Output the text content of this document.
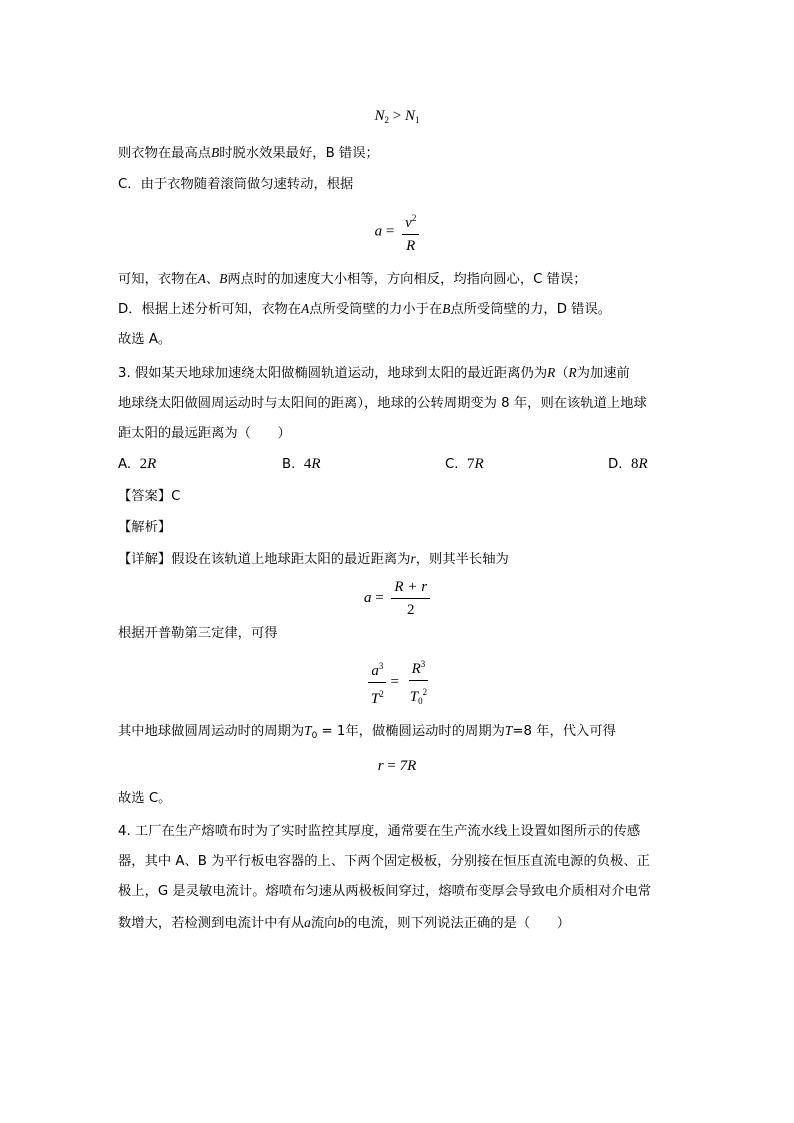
$N_2 > N_1$
则衣物在最高点B时脱水效果最好，B 错误；
C．由于衣物随着滚筒做匀速转动，根据
$a = \frac{v^2}{R}$
可知，衣物在A、B两点时的加速度大小相等，方向相反，均指向圆心，C 错误；
D．根据上述分析可知，衣物在A点所受筒壁的力小于在B点所受筒壁的力，D 错误。
故选 A。
3. 假如某天地球加速绕太阳做椭圆轨道运动，地球到太阳的最近距离仍为R（R为加速前
地球绕太阳做圆周运动时与太阳间的距离），地球的公转周期变为 8 年，则在该轨道上地球
距太阳的最远距离为（　　）
A. 2R	B. 4R	C. 7R	D. 8R
【答案】C
【解析】
【详解】假设在该轨道上地球距太阳的最近距离为r，则其半长轴为
$a = \frac{R + r}{2}$
根据开普勒第三定律，可得
$\frac{a^3}{T^2} = \frac{R^3}{T_0^2}$
其中地球做圆周运动时的周期为$T_0 = 1$年，做椭圆运动时的周期为T=8 年，代入可得
r = 7R
故选 C。
4. 工厂在生产熔喷布时为了实时监控其厚度，通常要在生产流水线上设置如图所示的传感
器，其中 A、B 为平行板电容器的上、下两个固定极板，分别接在恒压直流电源的负极、正
极上，G 是灵敏电流计。熔喷布匀速从两极板间穿过，熔喷布变厚会导致电介质相对介电常
数增大，若检测到电流计中有从a流向b的电流，则下列说法正确的是（　　）
